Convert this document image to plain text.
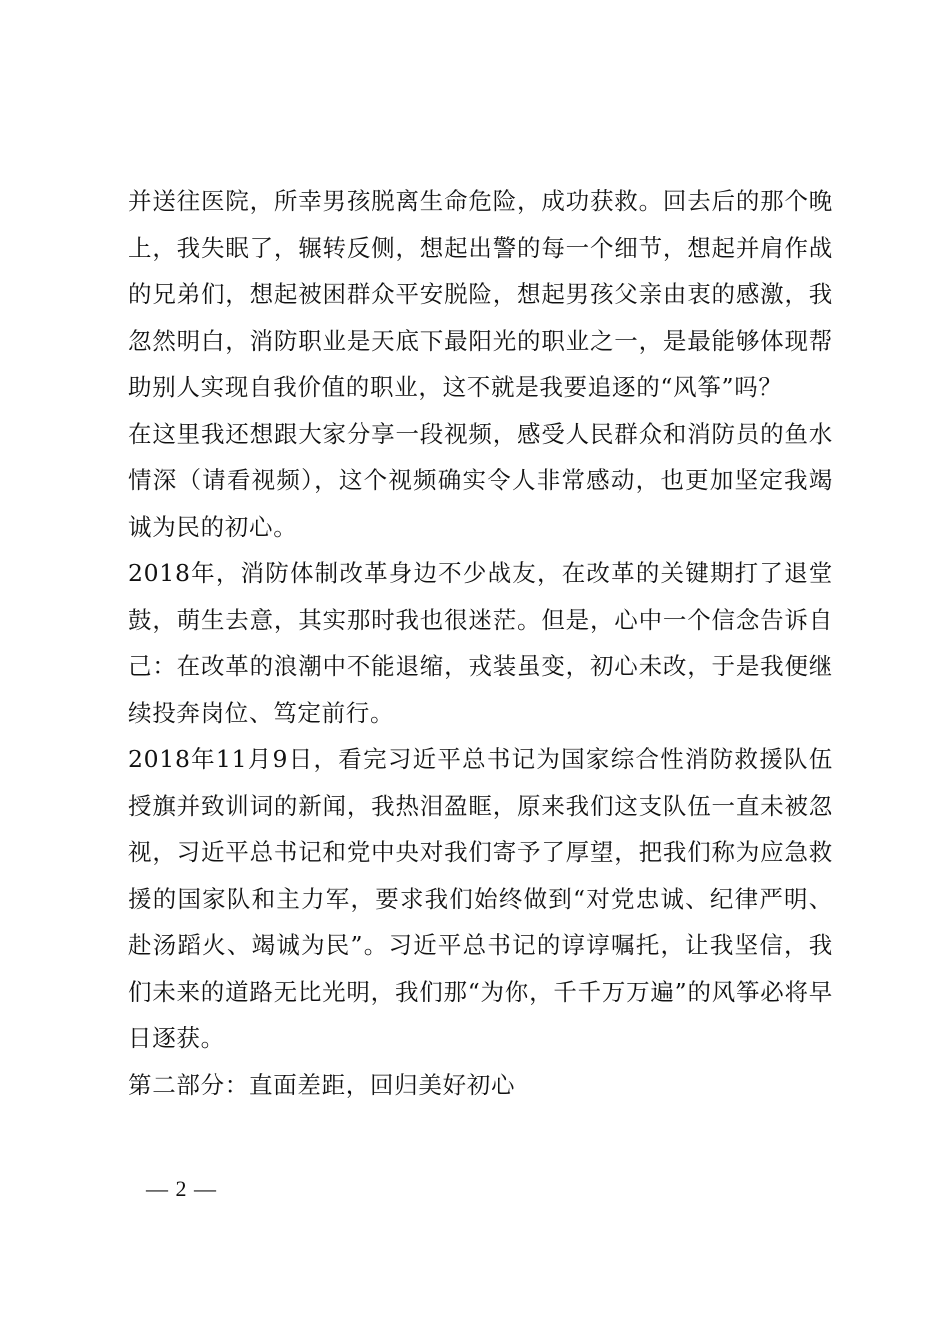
并送往医院，所幸男孩脱离生命危险，成功获救。回去后的那个晚上，我失眠了，辗转反侧，想起出警的每一个细节，想起并肩作战的兄弟们，想起被困群众平安脱险，想起男孩父亲由衷的感激，我忽然明白，消防职业是天底下最阳光的职业之一，是最能够体现帮助别人实现自我价值的职业，这不就是我要追逐的“风筝”吗？

在这里我还想跟大家分享一段视频，感受人民群众和消防员的鱼水情深（请看视频），这个视频确实令人非常感动，也更加坚定我竭诚为民的初心。

2018年，消防体制改革身边不少战友，在改革的关键期打了退堂鼓，萌生去意，其实那时我也很迷茫。但是，心中一个信念告诉自己：在改革的浪潮中不能退缩，戎装虽变，初心未改，于是我便继续投奔岗位、笃定前行。

2018年11月9日，看完习近平总书记为国家综合性消防救援队伍授旗并致训词的新闻，我热泪盈眶，原来我们这支队伍一直未被忽视，习近平总书记和党中央对我们寄予了厚望，把我们称为应急救援的国家队和主力军，要求我们始终做到“对党忠诚、纪律严明、赴汤蹈火、竭诚为民”。习近平总书记的谆谆嘱托，让我坚信，我们未来的道路无比光明，我们那“为你，千千万万遍”的风筝必将早日逐获。

第二部分：直面差距，回归美好初心

— 2 —
